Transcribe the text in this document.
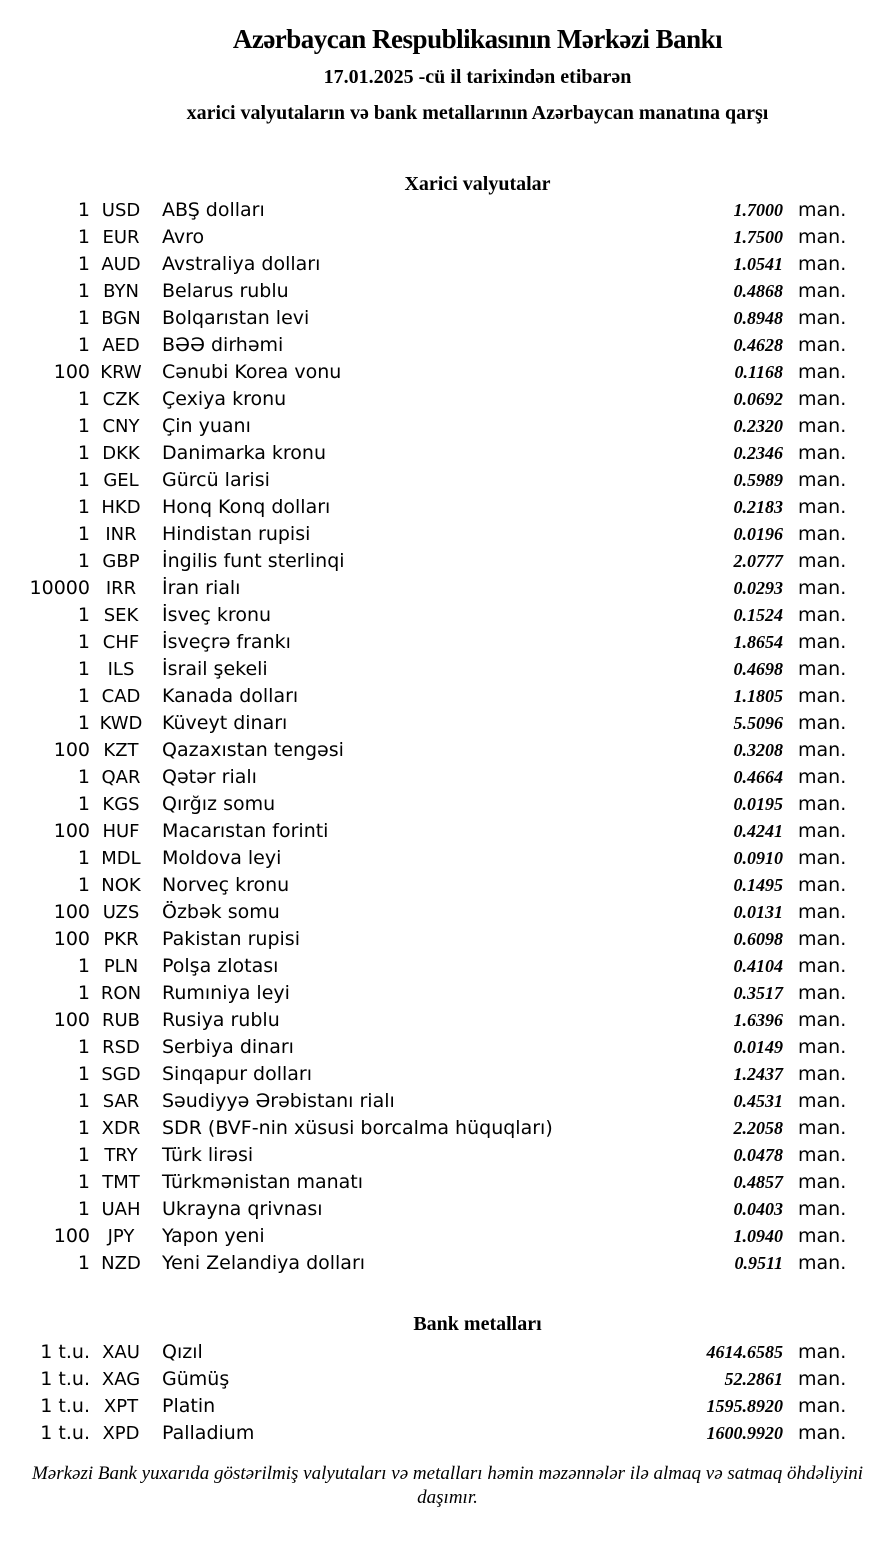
Azərbaycan Respublikasının Mərkəzi Bankı
17.01.2025 -cü il tarixindən etibarən
xarici valyutaların və bank metallarının Azərbaycan manatına qarşı
Xarici valyutalar
1 USD	ABŞ dolları	1.7000 man.
1 EUR	Avro	1.7500 man.
1 AUD	Avstraliya dolları	1.0541 man.
1 BYN	Belarus rublu	0.4868 man.
1 BGN	Bolqarıstan levi	0.8948 man.
1 AED	BƏƏ dirhəmi	0.4628 man.
100 KRW	Cənubi Korea vonu	0.1168 man.
1 CZK	Çexiya kronu	0.0692 man.
1 CNY	Çin yuanı	0.2320 man.
1 DKK	Danimarka kronu	0.2346 man.
1 GEL	Gürcü larisi	0.5989 man.
1 HKD	Honq Konq dolları	0.2183 man.
1 INR	Hindistan rupisi	0.0196 man.
1 GBP	İngilis funt sterlinqi	2.0777 man.
10000 IRR	İran rialı	0.0293 man.
1 SEK	İsveç kronu	0.1524 man.
1 CHF	İsveçrə frankı	1.8654 man.
1 ILS	İsrail şekeli	0.4698 man.
1 CAD	Kanada dolları	1.1805 man.
1 KWD	Küveyt dinarı	5.5096 man.
100 KZT	Qazaxıstan tengəsi	0.3208 man.
1 QAR	Qətər rialı	0.4664 man.
1 KGS	Qırğız somu	0.0195 man.
100 HUF	Macarıstan forinti	0.4241 man.
1 MDL	Moldova leyi	0.0910 man.
1 NOK	Norveç kronu	0.1495 man.
100 UZS	Özbək somu	0.0131 man.
100 PKR	Pakistan rupisi	0.6098 man.
1 PLN	Polşa zlotası	0.4104 man.
1 RON	Rumıniya leyi	0.3517 man.
100 RUB	Rusiya rublu	1.6396 man.
1 RSD	Serbiya dinarı	0.0149 man.
1 SGD	Sinqapur dolları	1.2437 man.
1 SAR	Səudiyyə Ərəbistanı rialı	0.4531 man.
1 XDR	SDR (BVF-nin xüsusi borcalma hüquqları)	2.2058 man.
1 TRY	Türk lirəsi	0.0478 man.
1 TMT	Türkmənistan manatı	0.4857 man.
1 UAH	Ukrayna qrivnası	0.0403 man.
100 JPY	Yapon yeni	1.0940 man.
1 NZD	Yeni Zelandiya dolları	0.9511 man.
Bank metalları
1 t.u. XAU	Qızıl	4614.6585 man.
1 t.u. XAG	Gümüş	52.2861 man.
1 t.u. XPT	Platin	1595.8920 man.
1 t.u. XPD	Palladium	1600.9920 man.
Mərkəzi Bank yuxarıda göstərilmiş valyutaları və metalları həmin məzənnələr ilə almaq və satmaq öhdəliyini daşımır.
